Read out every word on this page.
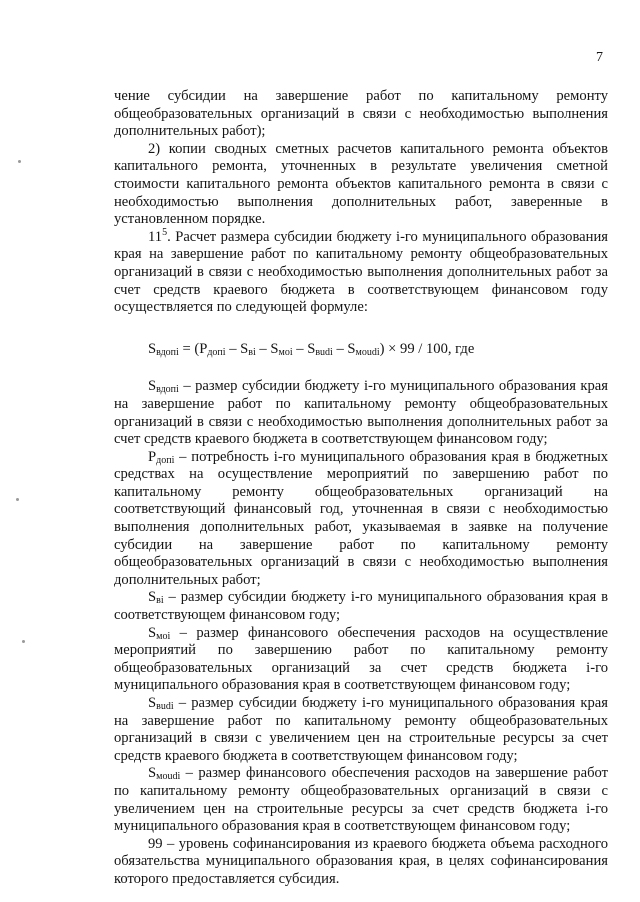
7

чение субсидии на завершение работ по капитальному ремонту общеобразовательных организаций в связи с необходимостью выполнения дополнительных работ);

2) копии сводных сметных расчетов капитального ремонта объектов капитального ремонта, уточненных в результате увеличения сметной стоимости капитального ремонта объектов капитального ремонта в связи с необходимостью выполнения дополнительных работ, заверенные в установленном порядке.

$11^5$. Расчет размера субсидии бюджету i-го муниципального образования края на завершение работ по капитальному ремонту общеобразовательных организаций в связи с необходимостью выполнения дополнительных работ за счет средств краевого бюджета в соответствующем финансовом году осуществляется по следующей формуле:

$S_{вдопі} = (P_{допі} - S_{ві} - S_{моі} - S_{вudі} - S_{моudі}) \times 99 / 100$, где

$S_{вдопі}$ – размер субсидии бюджету i-го муниципального образования края на завершение работ по капитальному ремонту общеобразовательных организаций в связи с необходимостью выполнения дополнительных работ за счет средств краевого бюджета в соответствующем финансовом году;

$P_{допі}$ – потребность i-го муниципального образования края в бюджетных средствах на осуществление мероприятий по завершению работ по капитальному ремонту общеобразовательных организаций на соответствующий финансовый год, уточненная в связи с необходимостью выполнения дополнительных работ, указываемая в заявке на получение субсидии на завершение работ по капитальному ремонту общеобразовательных организаций в связи с необходимостью выполнения дополнительных работ;

$S_{ві}$ – размер субсидии бюджету i-го муниципального образования края в соответствующем финансовом году;

$S_{моі}$ – размер финансового обеспечения расходов на осуществление мероприятий по завершению работ по капитальному ремонту общеобразовательных организаций за счет средств бюджета i-го муниципального образования края в соответствующем финансовом году;

$S_{вudі}$ – размер субсидии бюджету i-го муниципального образования края на завершение работ по капитальному ремонту общеобразовательных организаций в связи с увеличением цен на строительные ресурсы за счет средств краевого бюджета в соответствующем финансовом году;

$S_{моudі}$ – размер финансового обеспечения расходов на завершение работ по капитальному ремонту общеобразовательных организаций в связи с увеличением цен на строительные ресурсы за счет средств бюджета i-го муниципального образования края в соответствующем финансовом году;

99 – уровень софинансирования из краевого бюджета объема расходного обязательства муниципального образования края, в целях софинансирования которого предоставляется субсидия.
